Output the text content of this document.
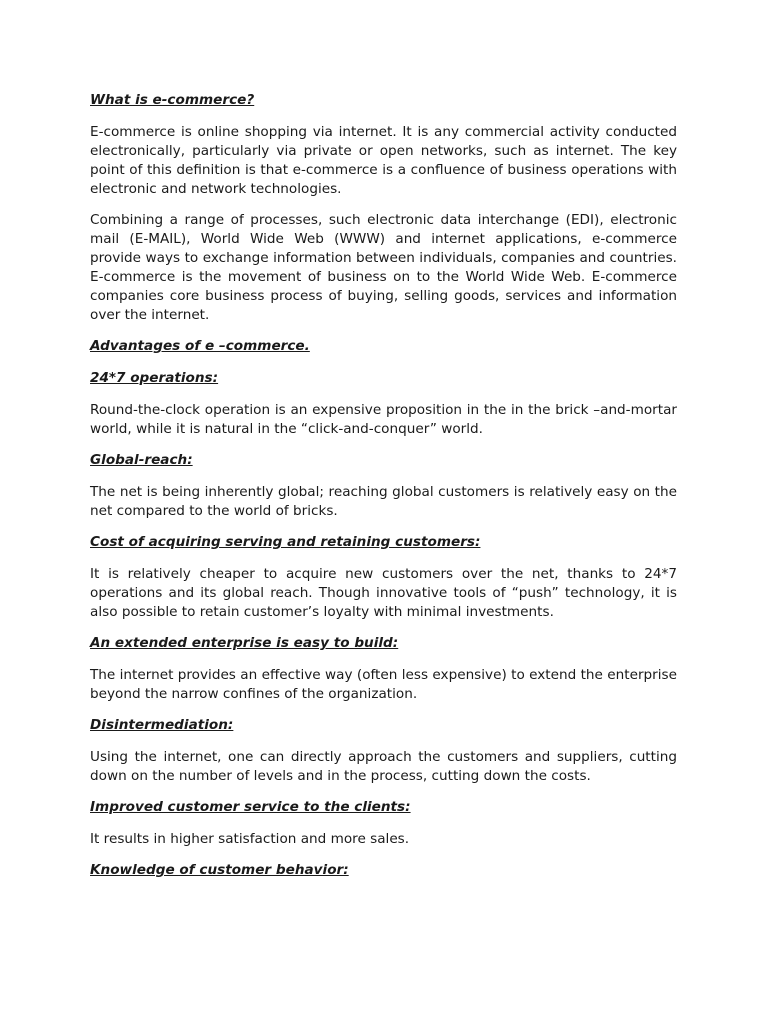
What is e-commerce?
E-commerce is online shopping via internet. It is any commercial activity conducted electronically, particularly via private or open networks, such as internet. The key point of this definition is that e-commerce is a confluence of business operations with electronic and network technologies.
Combining a range of processes, such electronic data interchange (EDI), electronic mail (E-MAIL), World Wide Web (WWW) and internet applications, e-commerce provide ways to exchange information between individuals, companies and countries. E-commerce is the movement of business on to the World Wide Web. E-commerce companies core business process of buying, selling goods, services and information over the internet.
Advantages of e –commerce.
24*7 operations:
Round-the-clock operation is an expensive proposition in the in the brick –and-mortar world, while it is natural in the “click-and-conquer” world.
Global-reach:
The net is being inherently global; reaching global customers is relatively easy on the net compared to the world of bricks.
Cost of acquiring serving and retaining customers:
It is relatively cheaper to acquire new customers over the net, thanks to 24*7 operations and its global reach. Though innovative tools of “push” technology, it is also possible to retain customer’s loyalty with minimal investments.
An extended enterprise is easy to build:
The internet provides an effective way (often less expensive) to extend the enterprise beyond the narrow confines of the organization.
Disintermediation:
Using the internet, one can directly approach the customers and suppliers, cutting down on the number of levels and in the process, cutting down the costs.
Improved customer service to the clients:
It results in higher satisfaction and more sales.
Knowledge of customer behavior:
